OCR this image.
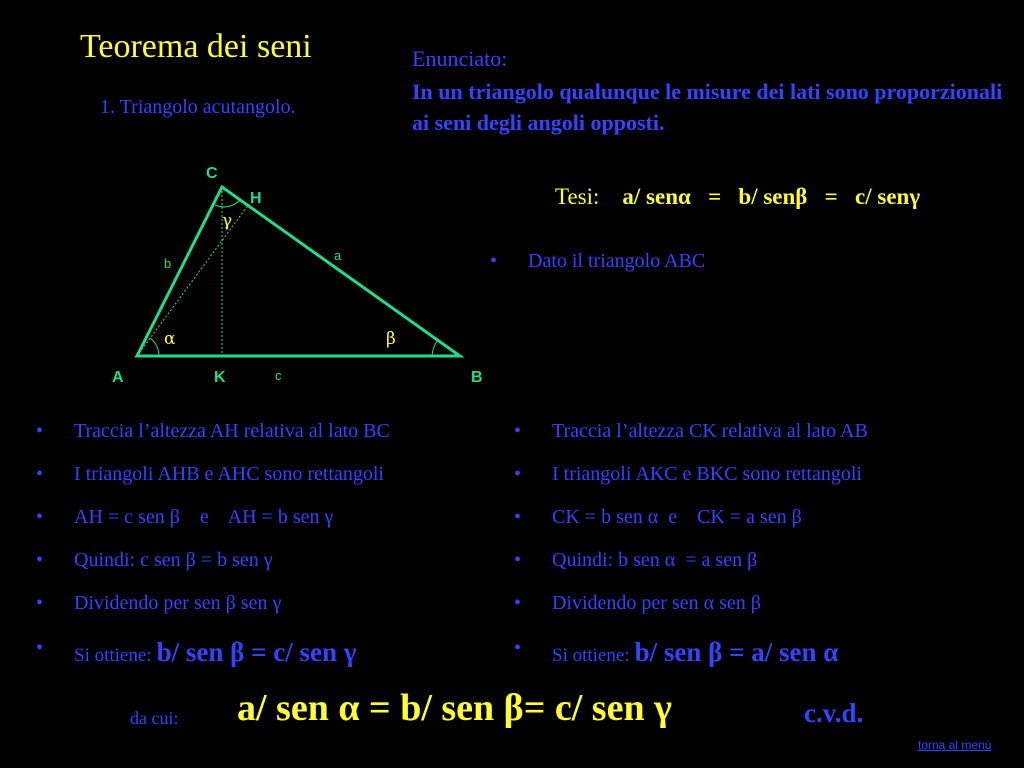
Teorema dei seni
1. Triangolo acutangolo.
Enunciato:
In un triangolo qualunque le misure dei lati sono proporzionali ai seni degli angoli opposti.
Tesi: a/ senα   =   b/ senβ   =   c/ senγ
• Dato il triangolo ABC
C
H
A	K	B
a
b
c
α	β
γ
• Traccia l’altezza AH relativa al lato BC
• I triangoli AHB e AHC sono rettangoli
• AH = c sen β    e    AH = b sen γ
• Quindi: c sen β = b sen γ
• Dividendo per sen β sen γ
• Si ottiene: b/ sen β = c/ sen γ
• Traccia l’altezza CK relativa al lato AB
• I triangoli AKC e BKC sono rettangoli
• CK = b sen α  e    CK = a sen β
• Quindi: b sen α  = a sen β
• Dividendo per sen α sen β
• Si ottiene: b/ sen β = a/ sen α
da cui: a/ sen α = b/ sen β= c/ sen γ	c.v.d.
torna al menù
